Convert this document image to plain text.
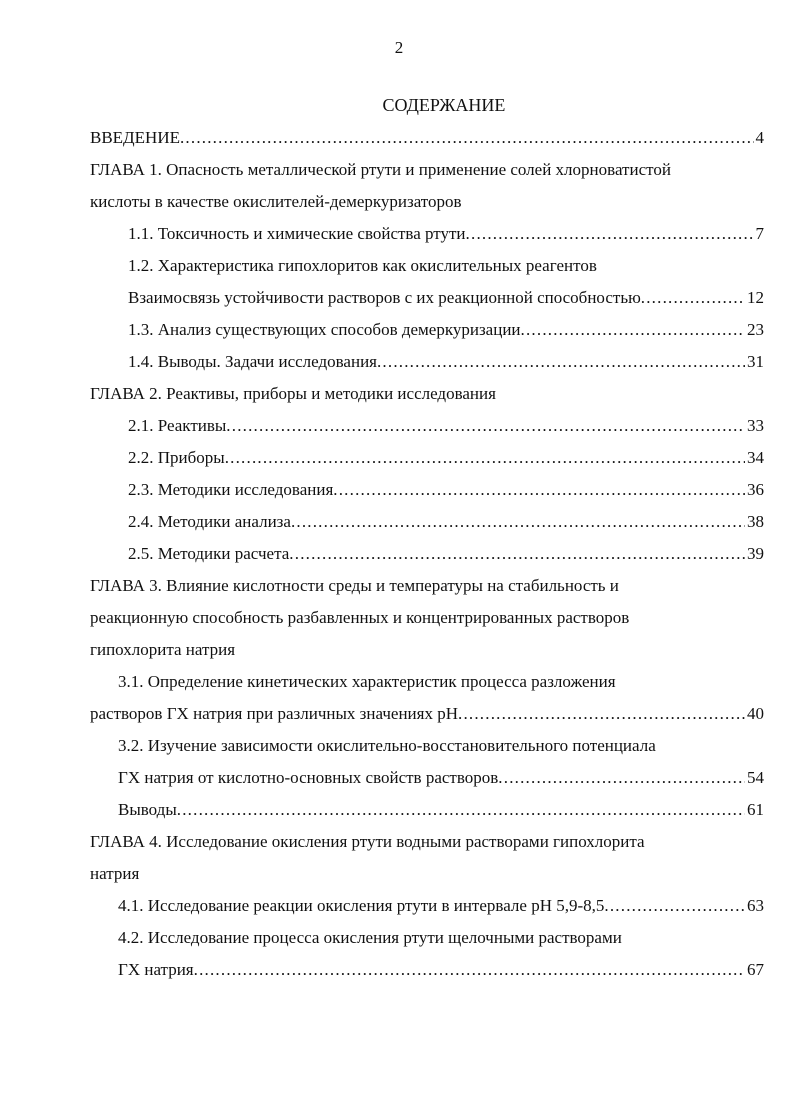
2
СОДЕРЖАНИЕ
ВВЕДЕНИЕ .....	4
ГЛАВА 1. Опасность металлической ртути и применение солей хлорноватистой
кислоты в качестве окислителей-демеркуризаторов
1.1. Токсичность и химические свойства ртути .....	7
1.2. Характеристика гипохлоритов как окислительных реагентов
Взаимосвязь устойчивости растворов с их реакционной способностью .....	12
1.3. Анализ существующих способов демеркуризации .....	23
1.4. Выводы. Задачи исследования .....	31
ГЛАВА 2. Реактивы, приборы и методики исследования
2.1. Реактивы .....	33
2.2. Приборы .....	34
2.3. Методики исследования .....	36
2.4. Методики анализа .....	38
2.5. Методики расчета .....	39
ГЛАВА 3. Влияние кислотности среды и температуры на стабильность и
реакционную способность разбавленных и концентрированных растворов
гипохлорита натрия
3.1. Определение кинетических характеристик процесса разложения
растворов ГХ натрия при различных значениях pH .....	40
3.2. Изучение зависимости окислительно-восстановительного потенциала
ГХ натрия от кислотно-основных свойств растворов .....	54
Выводы .....	61
ГЛАВА 4. Исследование окисления ртути водными растворами гипохлорита
натрия
4.1. Исследование реакции окисления ртути в интервале pH 5,9-8,5 .....	63
4.2. Исследование процесса окисления ртути щелочными растворами
ГХ натрия .....	67
